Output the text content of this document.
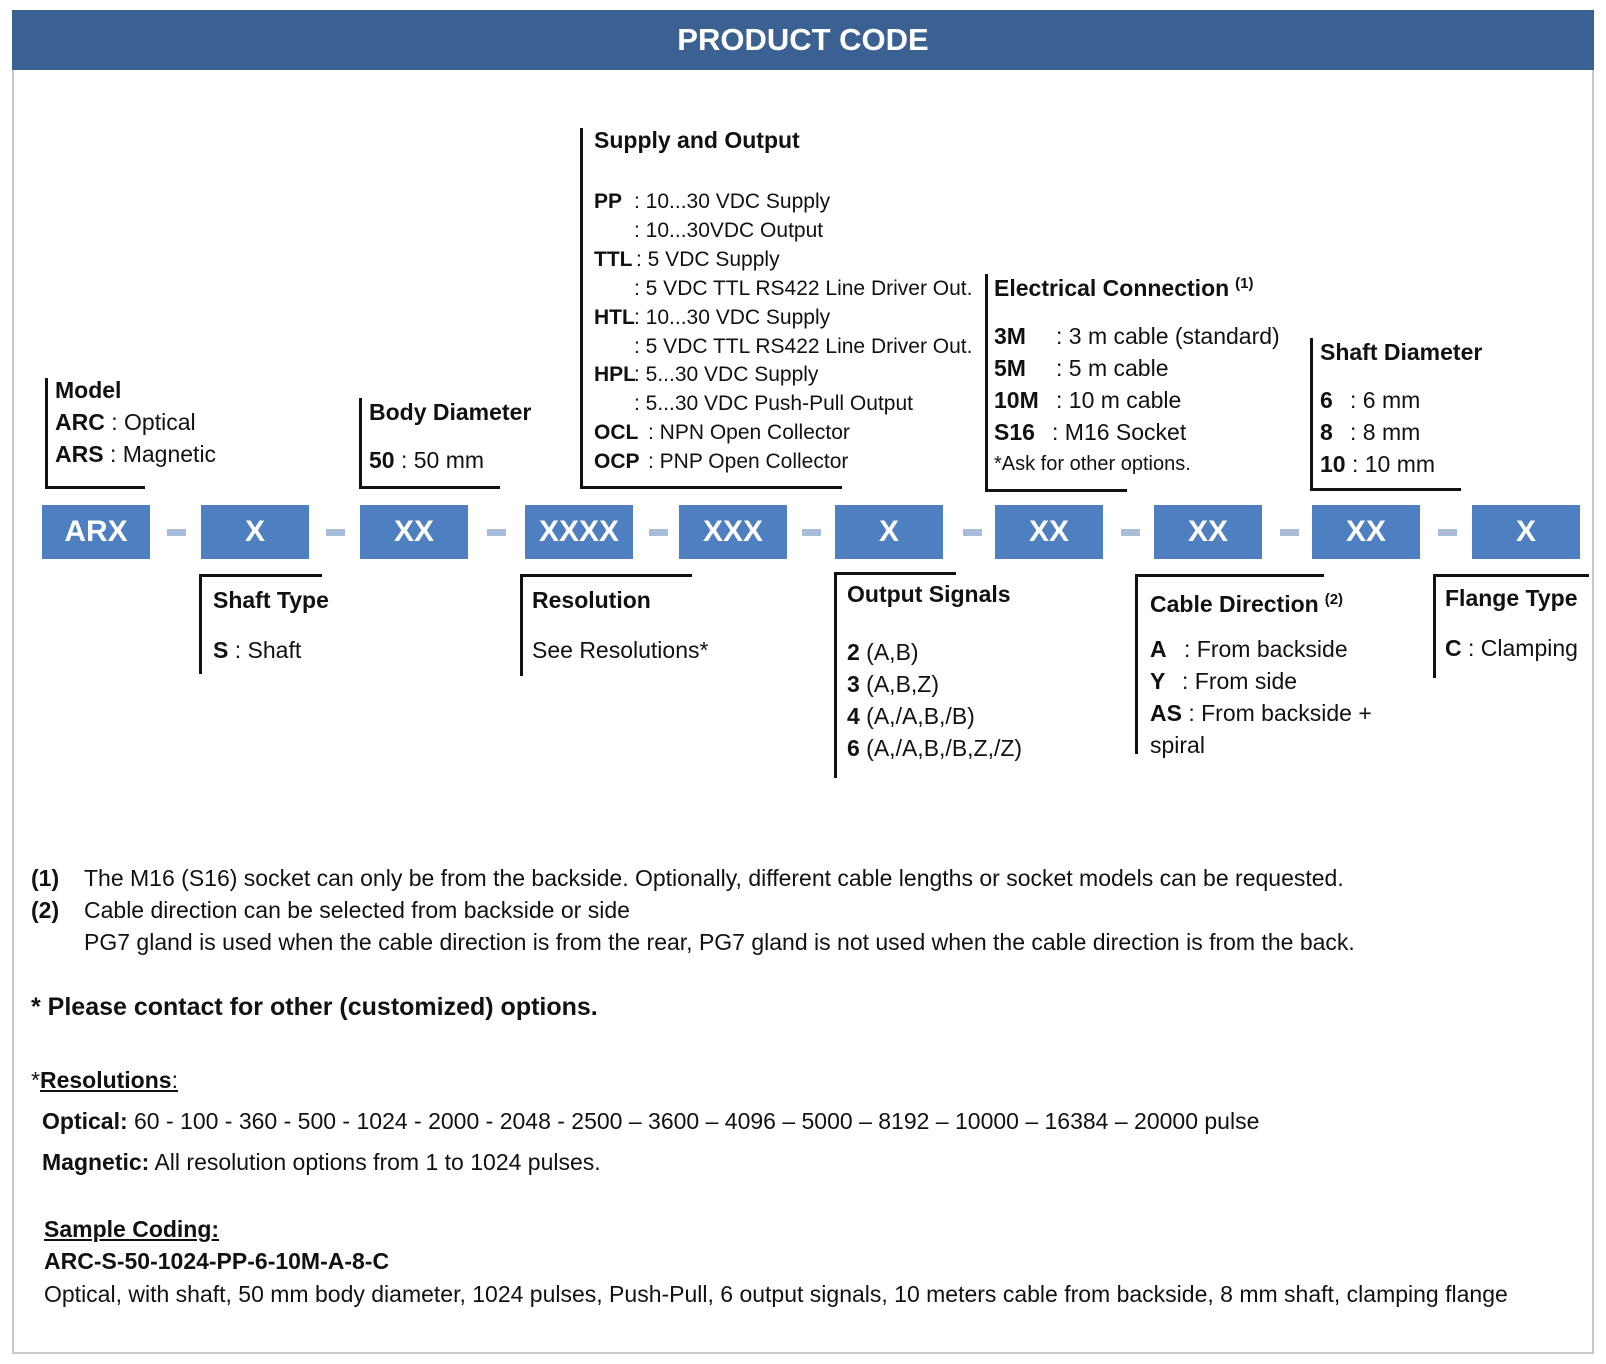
PRODUCT CODE
ARX	X	XX	XXXX	XXX	X	XX	XX	XX	X
Model
ARC : Optical
ARS : Magnetic
Body Diameter
50 : 50 mm
Supply and Output
PP : 10...30 VDC Supply
: 10...30VDC Output
TTL : 5 VDC Supply
: 5 VDC TTL RS422 Line Driver Out.
HTL: 10...30 VDC Supply
: 5 VDC TTL RS422 Line Driver Out.
HPL: 5...30 VDC Supply
: 5...30 VDC Push-Pull Output
OCL : NPN Open Collector
OCP : PNP Open Collector
Electrical Connection $^{(1)}$
3M : 3 m cable (standard)
5M : 5 m cable
10M : 10 m cable
S16 : M16 Socket
*Ask for other options.
Shaft Diameter
6 : 6 mm
8 : 8 mm
10 : 10 mm
Shaft Type
S : Shaft
Resolution
See Resolutions*
Output Signals
2 (A,B)
3 (A,B,Z)
4 (A,/A,B,/B)
6 (A,/A,B,/B,Z,/Z)
Cable Direction $^{(2)}$
A : From backside
Y : From side
AS : From backside +
spiral
Flange Type
C : Clamping
(1) The M16 (S16) socket can only be from the backside. Optionally, different cable lengths or socket models can be requested.
(2) Cable direction can be selected from backside or side
PG7 gland is used when the cable direction is from the rear, PG7 gland is not used when the cable direction is from the back.
* Please contact for other (customized) options.
*Resolutions:
Optical: 60 - 100 - 360 - 500 - 1024 - 2000 - 2048 - 2500 – 3600 – 4096 – 5000 – 8192 – 10000 – 16384 – 20000 pulse
Magnetic: All resolution options from 1 to 1024 pulses.
Sample Coding:
ARC-S-50-1024-PP-6-10M-A-8-C
Optical, with shaft, 50 mm body diameter, 1024 pulses, Push-Pull, 6 output signals, 10 meters cable from backside, 8 mm shaft, clamping flange
